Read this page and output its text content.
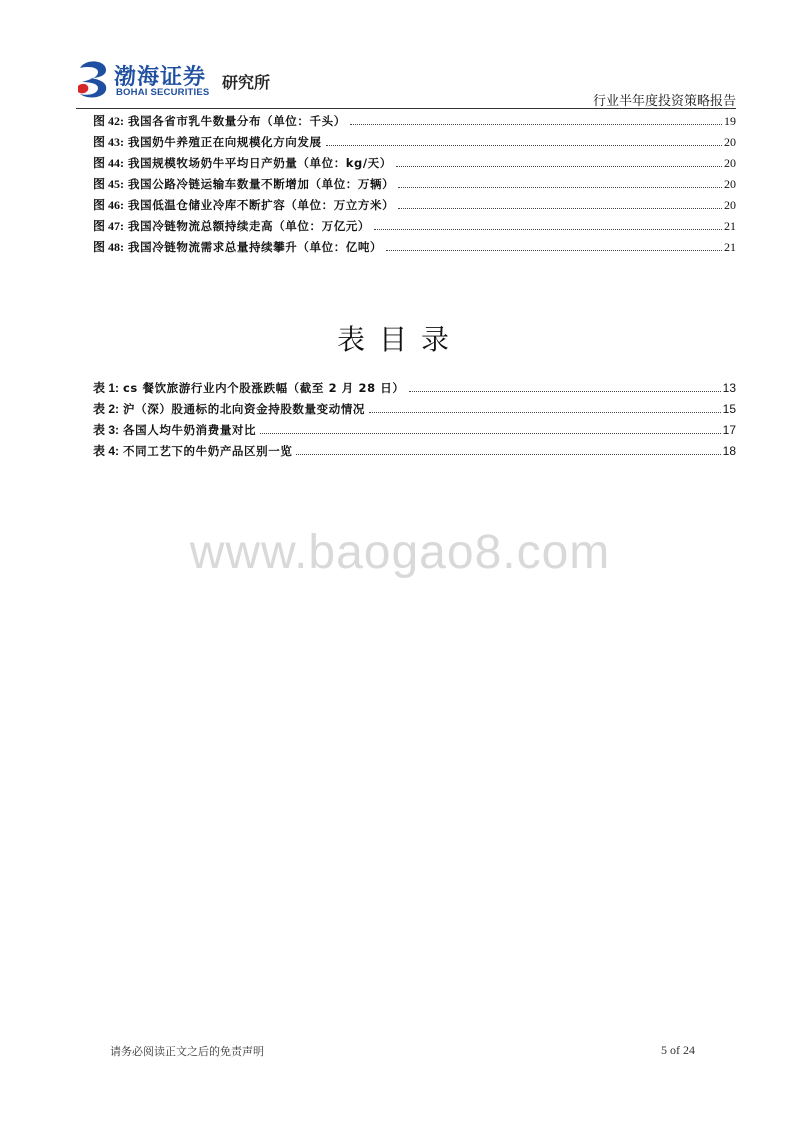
渤海证券
BOHAI SECURITIES
研究所
行业半年度投资策略报告
图 42: 我国各省市乳牛数量分布（单位：千头）	19
图 43: 我国奶牛养殖正在向规模化方向发展	20
图 44: 我国规模牧场奶牛平均日产奶量（单位：kg/天）	20
图 45: 我国公路冷链运输车数量不断增加（单位：万辆）	20
图 46: 我国低温仓储业冷库不断扩容（单位：万立方米）	20
图 47: 我国冷链物流总额持续走高（单位：万亿元）	21
图 48: 我国冷链物流需求总量持续攀升（单位：亿吨）	21
表目录
表 1: cs 餐饮旅游行业内个股涨跌幅（截至 2 月 28 日）	13
表 2: 沪（深）股通标的北向资金持股数量变动情况	15
表 3: 各国人均牛奶消费量对比	17
表 4: 不同工艺下的牛奶产品区别一览	18
www.baogao8.com
请务必阅读正文之后的免责声明	5 of 24
